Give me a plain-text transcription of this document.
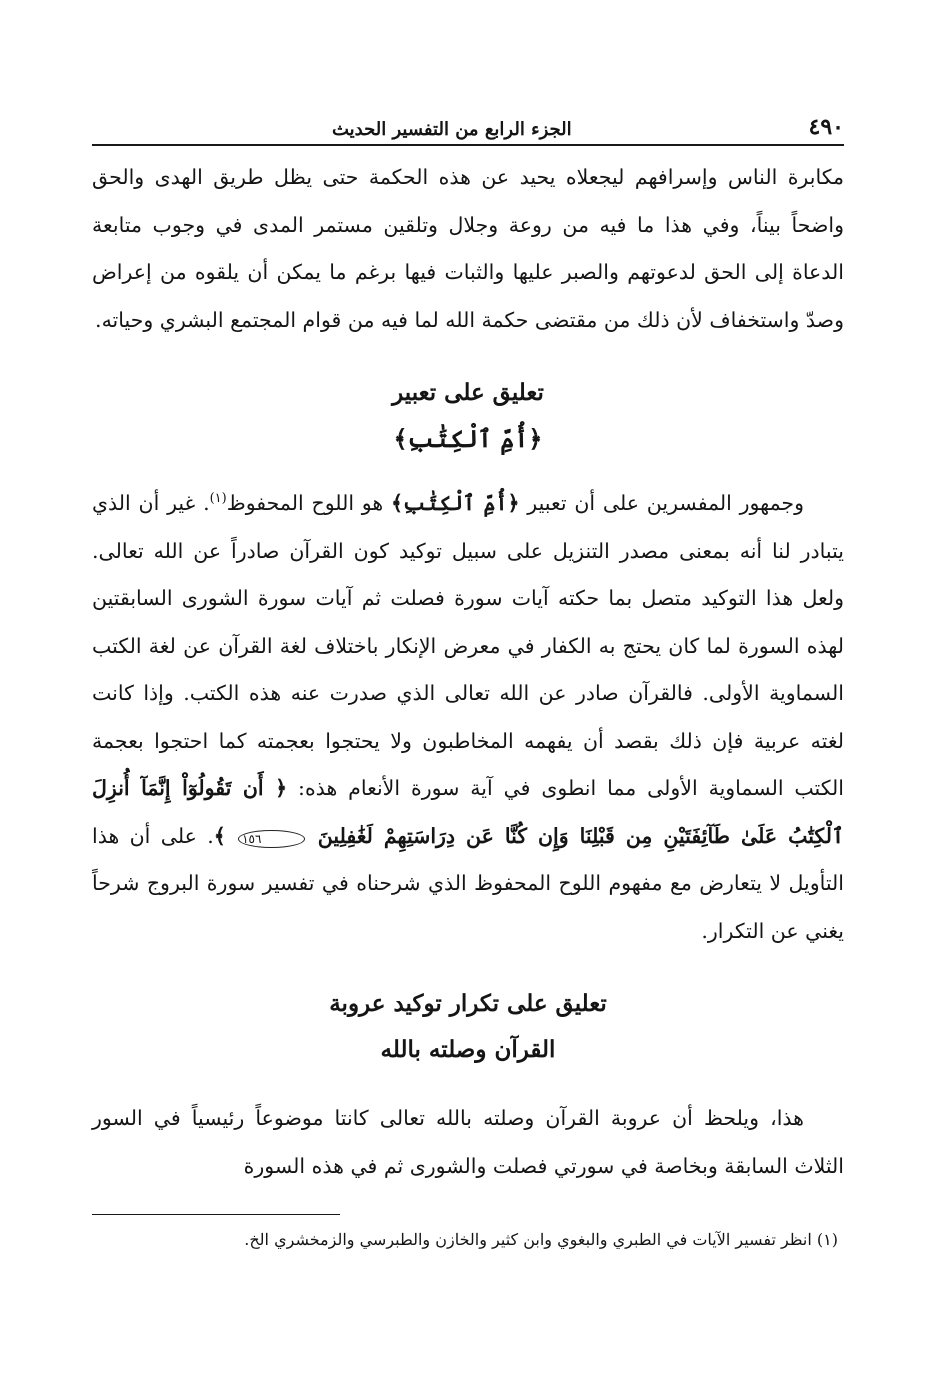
٤٩٠
الجزء الرابع من التفسير الحديث

مكابرة الناس وإسرافهم ليجعلاه يحيد عن هذه الحكمة حتى يظل طريق الهدى والحق واضحاً بيناً، وفي هذا ما فيه من روعة وجلال وتلقين مستمر المدى في وجوب متابعة الدعاة إلى الحق لدعوتهم والصبر عليها والثبات فيها برغم ما يمكن أن يلقوه من إعراض وصدّ واستخفاف لأن ذلك من مقتضى حكمة الله لما فيه من قوام المجتمع البشري وحياته.

تعليق على تعبير
﴿أُمِّ ٱلْكِتَٰبِ﴾

وجمهور المفسرين على أن تعبير ﴿أُمِّ ٱلْكِتَٰبِ﴾ هو اللوح المحفوظ$^{(١)}$. غير أن الذي يتبادر لنا أنه بمعنى مصدر التنزيل على سبيل توكيد كون القرآن صادراً عن الله تعالى. ولعل هذا التوكيد متصل بما حكته آيات سورة فصلت ثم آيات سورة الشورى السابقتين لهذه السورة لما كان يحتج به الكفار في معرض الإنكار باختلاف لغة القرآن عن لغة الكتب السماوية الأولى. فالقرآن صادر عن الله تعالى الذي صدرت عنه هذه الكتب. وإذا كانت لغته عربية فإن ذلك بقصد أن يفهمه المخاطبون ولا يحتجوا بعجمته كما احتجوا بعجمة الكتب السماوية الأولى مما انطوى في آية سورة الأنعام هذه: ﴿ أَن تَقُولُوٓاْ إِنَّمَآ أُنزِلَ ٱلْكِتَٰبُ عَلَىٰ طَآئِفَتَيْنِ مِن قَبْلِنَا وَإِن كُنَّا عَن دِرَاسَتِهِمْ لَغَٰفِلِينَ ١٥٦ ﴾. على أن هذا التأويل لا يتعارض مع مفهوم اللوح المحفوظ الذي شرحناه في تفسير سورة البروج شرحاً يغني عن التكرار.

تعليق على تكرار توكيد عروبة
القرآن وصلته بالله

هذا، ويلحظ أن عروبة القرآن وصلته بالله تعالى كانتا موضوعاً رئيسياً في السور الثلاث السابقة وبخاصة في سورتي فصلت والشورى ثم في هذه السورة

(١) انظر تفسير الآيات في الطبري والبغوي وابن كثير والخازن والطبرسي والزمخشري الخ.
